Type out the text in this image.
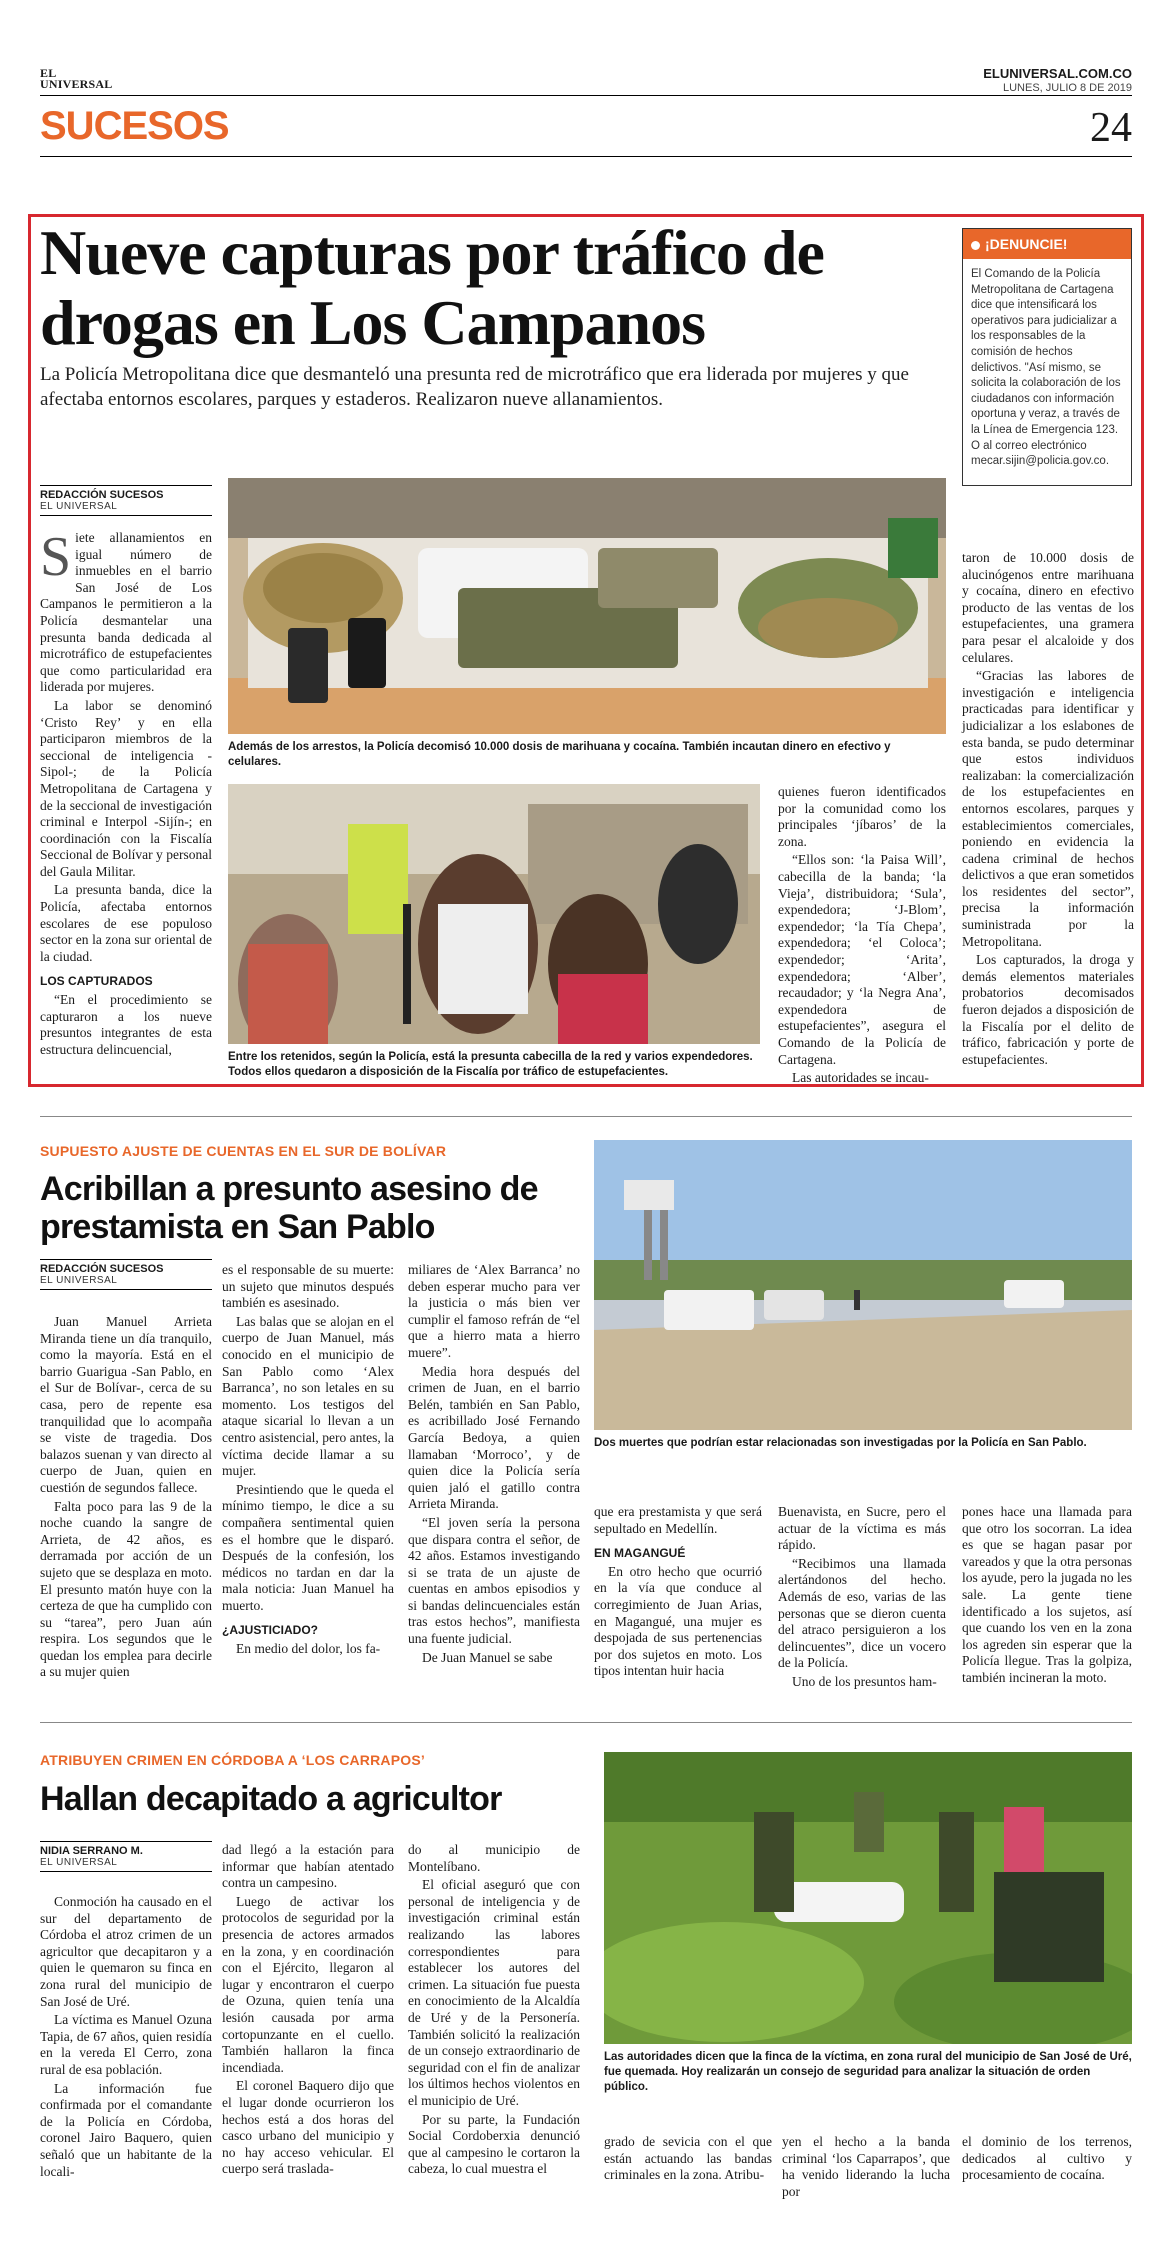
EL
UNIVERSAL
ELUNIVERSAL.COM.CO
LUNES, JULIO 8 DE 2019
SUCESOS	24
Nueve capturas por tráfico de drogas en Los Campanos
La Policía Metropolitana dice que desmanteló una presunta red de microtráfico que era liderada por mujeres y que afectaba entornos escolares, parques y estaderos. Realizaron nueve allanamientos.
¡DENUNCIE!
El Comando de la Policía Metropolitana de Cartagena dice que intensificará los operativos para judicializar a los responsables de la comisión de hechos delictivos. "Así mismo, se solicita la colaboración de los ciudadanos con información oportuna y veraz, a través de la Línea de Emergencia 123. O al correo electrónico mecar.sijin@policia.gov.co.
REDACCIÓN SUCESOS
EL UNIVERSAL

Siete allanamientos en igual número de inmuebles en el barrio San José de Los Campanos le permitieron a la Policía desmantelar una presunta banda dedicada al microtráfico de estupefacientes que como particularidad era liderada por mujeres.

La labor se denominó ‘Cristo Rey’ y en ella participaron miembros de la seccional de inteligencia -Sipol-; de la Policía Metropolitana de Cartagena y de la seccional de investigación criminal e Interpol -Sijín-; en coordinación con la Fiscalía Seccional de Bolívar y personal del Gaula Militar.

La presunta banda, dice la Policía, afectaba entornos escolares de ese populoso sector en la zona sur oriental de la ciudad.

LOS CAPTURADOS

“En el procedimiento se capturaron a los nueve presuntos integrantes de esta estructura delincuencial,

Además de los arrestos, la Policía decomisó 10.000 dosis de marihuana y cocaína. También incautan dinero en efectivo y celulares.
Entre los retenidos, según la Policía, está la presunta cabecilla de la red y varios expendedores. Todos ellos quedaron a disposición de la Fiscalía por tráfico de estupefacientes.

quienes fueron identificados por la comunidad como los principales ‘jíbaros’ de la zona.

“Ellos son: ‘la Paisa Will’, cabecilla de la banda; ‘la Vieja’, distribuidora; ‘Sula’, expendedora; ‘J-Blom’, expendedor; ‘la Tía Chepa’, expendedora; ‘el Coloca’; expendedor; ‘Arita’, expendedora; ‘Alber’, recaudador; y ‘la Negra Ana’, expendedora de estupefacientes”, asegura el Comando de la Policía de Cartagena.

Las autoridades se incau-

taron de 10.000 dosis de alucinógenos entre marihuana y cocaína, dinero en efectivo producto de las ventas de los estupefacientes, una gramera para pesar el alcaloide y dos celulares.

“Gracias las labores de investigación e inteligencia practicadas para identificar y judicializar a los eslabones de esta banda, se pudo determinar que estos individuos realizaban: la comercialización de los estupefacientes en entornos escolares, parques y establecimientos comerciales, poniendo en evidencia la cadena criminal de hechos delictivos a que eran sometidos los residentes del sector”, precisa la información suministrada por la Metropolitana.

Los capturados, la droga y demás elementos materiales probatorios decomisados fueron dejados a disposición de la Fiscalía por el delito de tráfico, fabricación y porte de estupefacientes.

SUPUESTO AJUSTE DE CUENTAS EN EL SUR DE BOLÍVAR
Acribillan a presunto asesino de prestamista en San Pablo
REDACCIÓN SUCESOS
EL UNIVERSAL

Juan Manuel Arrieta Miranda tiene un día tranquilo, como la mayoría. Está en el barrio Guarigua -San Pablo, en el Sur de Bolívar-, cerca de su casa, pero de repente esa tranquilidad que lo acompaña se viste de tragedia. Dos balazos suenan y van directo al cuerpo de Juan, quien en cuestión de segundos fallece.

Falta poco para las 9 de la noche cuando la sangre de Arrieta, de 42 años, es derramada por acción de un sujeto que se desplaza en moto. El presunto matón huye con la certeza de que ha cumplido con su “tarea”, pero Juan aún respira. Los segundos que le quedan los emplea para decirle a su mujer quien

es el responsable de su muerte: un sujeto que minutos después también es asesinado.

Las balas que se alojan en el cuerpo de Juan Manuel, más conocido en el municipio de San Pablo como ‘Alex Barranca’, no son letales en su momento. Los testigos del ataque sicarial lo llevan a un centro asistencial, pero antes, la víctima decide llamar a su mujer.

Presintiendo que le queda el mínimo tiempo, le dice a su compañera sentimental quien es el hombre que le disparó. Después de la confesión, los médicos no tardan en dar la mala noticia: Juan Manuel ha muerto.

¿AJUSTICIADO?

En medio del dolor, los fa-

miliares de ‘Alex Barranca’ no deben esperar mucho para ver la justicia o más bien ver cumplir el famoso refrán de “el que a hierro mata a hierro muere”.

Media hora después del crimen de Juan, en el barrio Belén, también en San Pablo, es acribillado José Fernando García Bedoya, a quien llamaban ‘Morroco’, y de quien dice la Policía sería quien jaló el gatillo contra Arrieta Miranda.

“El joven sería la persona que dispara contra el señor, de 42 años. Estamos investigando si se trata de un ajuste de cuentas en ambos episodios y si bandas delincuenciales están tras estos hechos”, manifiesta una fuente judicial.

De Juan Manuel se sabe

Dos muertes que podrían estar relacionadas son investigadas por la Policía en San Pablo.

que era prestamista y que será sepultado en Medellín.

EN MAGANGUÉ

En otro hecho que ocurrió en la vía que conduce al corregimiento de Juan Arias, en Magangué, una mujer es despojada de sus pertenencias por dos sujetos en moto. Los tipos intentan huir hacia

Buenavista, en Sucre, pero el actuar de la víctima es más rápido.

“Recibimos una llamada alertándonos del hecho. Además de eso, varias de las personas que se dieron cuenta del atraco persiguieron a los delincuentes”, dice un vocero de la Policía.

Uno de los presuntos ham-

pones hace una llamada para que otro los socorran. La idea es que se hagan pasar por vareados y que la otra personas los ayude, pero la jugada no les sale. La gente tiene identificado a los sujetos, así que cuando los ven en la zona los agreden sin esperar que la Policía llegue. Tras la golpiza, también incineran la moto.

ATRIBUYEN CRIMEN EN CÓRDOBA A ‘LOS CARRAPOS’
Hallan decapitado a agricultor
NIDIA SERRANO M.
EL UNIVERSAL

Conmoción ha causado en el sur del departamento de Córdoba el atroz crimen de un agricultor que decapitaron y a quien le quemaron su finca en zona rural del municipio de San José de Uré.

La víctima es Manuel Ozuna Tapia, de 67 años, quien residía en la vereda El Cerro, zona rural de esa población.

La información fue confirmada por el comandante de la Policía en Córdoba, coronel Jairo Baquero, quien señaló que un habitante de la locali-

dad llegó a la estación para informar que habían atentado contra un campesino.

Luego de activar los protocolos de seguridad por la presencia de actores armados en la zona, y en coordinación con el Ejército, llegaron al lugar y encontraron el cuerpo de Ozuna, quien tenía una lesión causada por arma cortopunzante en el cuello. También hallaron la finca incendiada.

El coronel Baquero dijo que el lugar donde ocurrieron los hechos está a dos horas del casco urbano del municipio y no hay acceso vehicular. El cuerpo será traslada-

do al municipio de Montelíbano.

El oficial aseguró que con personal de inteligencia y de investigación criminal están realizando las labores correspondientes para establecer los autores del crimen. La situación fue puesta en conocimiento de la Alcaldía de Uré y de la Personería. También solicitó la realización de un consejo extraordinario de seguridad con el fin de analizar los últimos hechos violentos en el municipio de Uré.

Por su parte, la Fundación Social Cordoberxia denunció que al campesino le cortaron la cabeza, lo cual muestra el

Las autoridades dicen que la finca de la víctima, en zona rural del municipio de San José de Uré, fue quemada. Hoy realizarán un consejo de seguridad para analizar la situación de orden público.

grado de sevicia con el que están actuando las bandas criminales en la zona. Atribu-

yen el hecho a la banda criminal ‘los Caparrapos’, que ha venido liderando la lucha por

el dominio de los terrenos, dedicados al cultivo y procesamiento de cocaína.
